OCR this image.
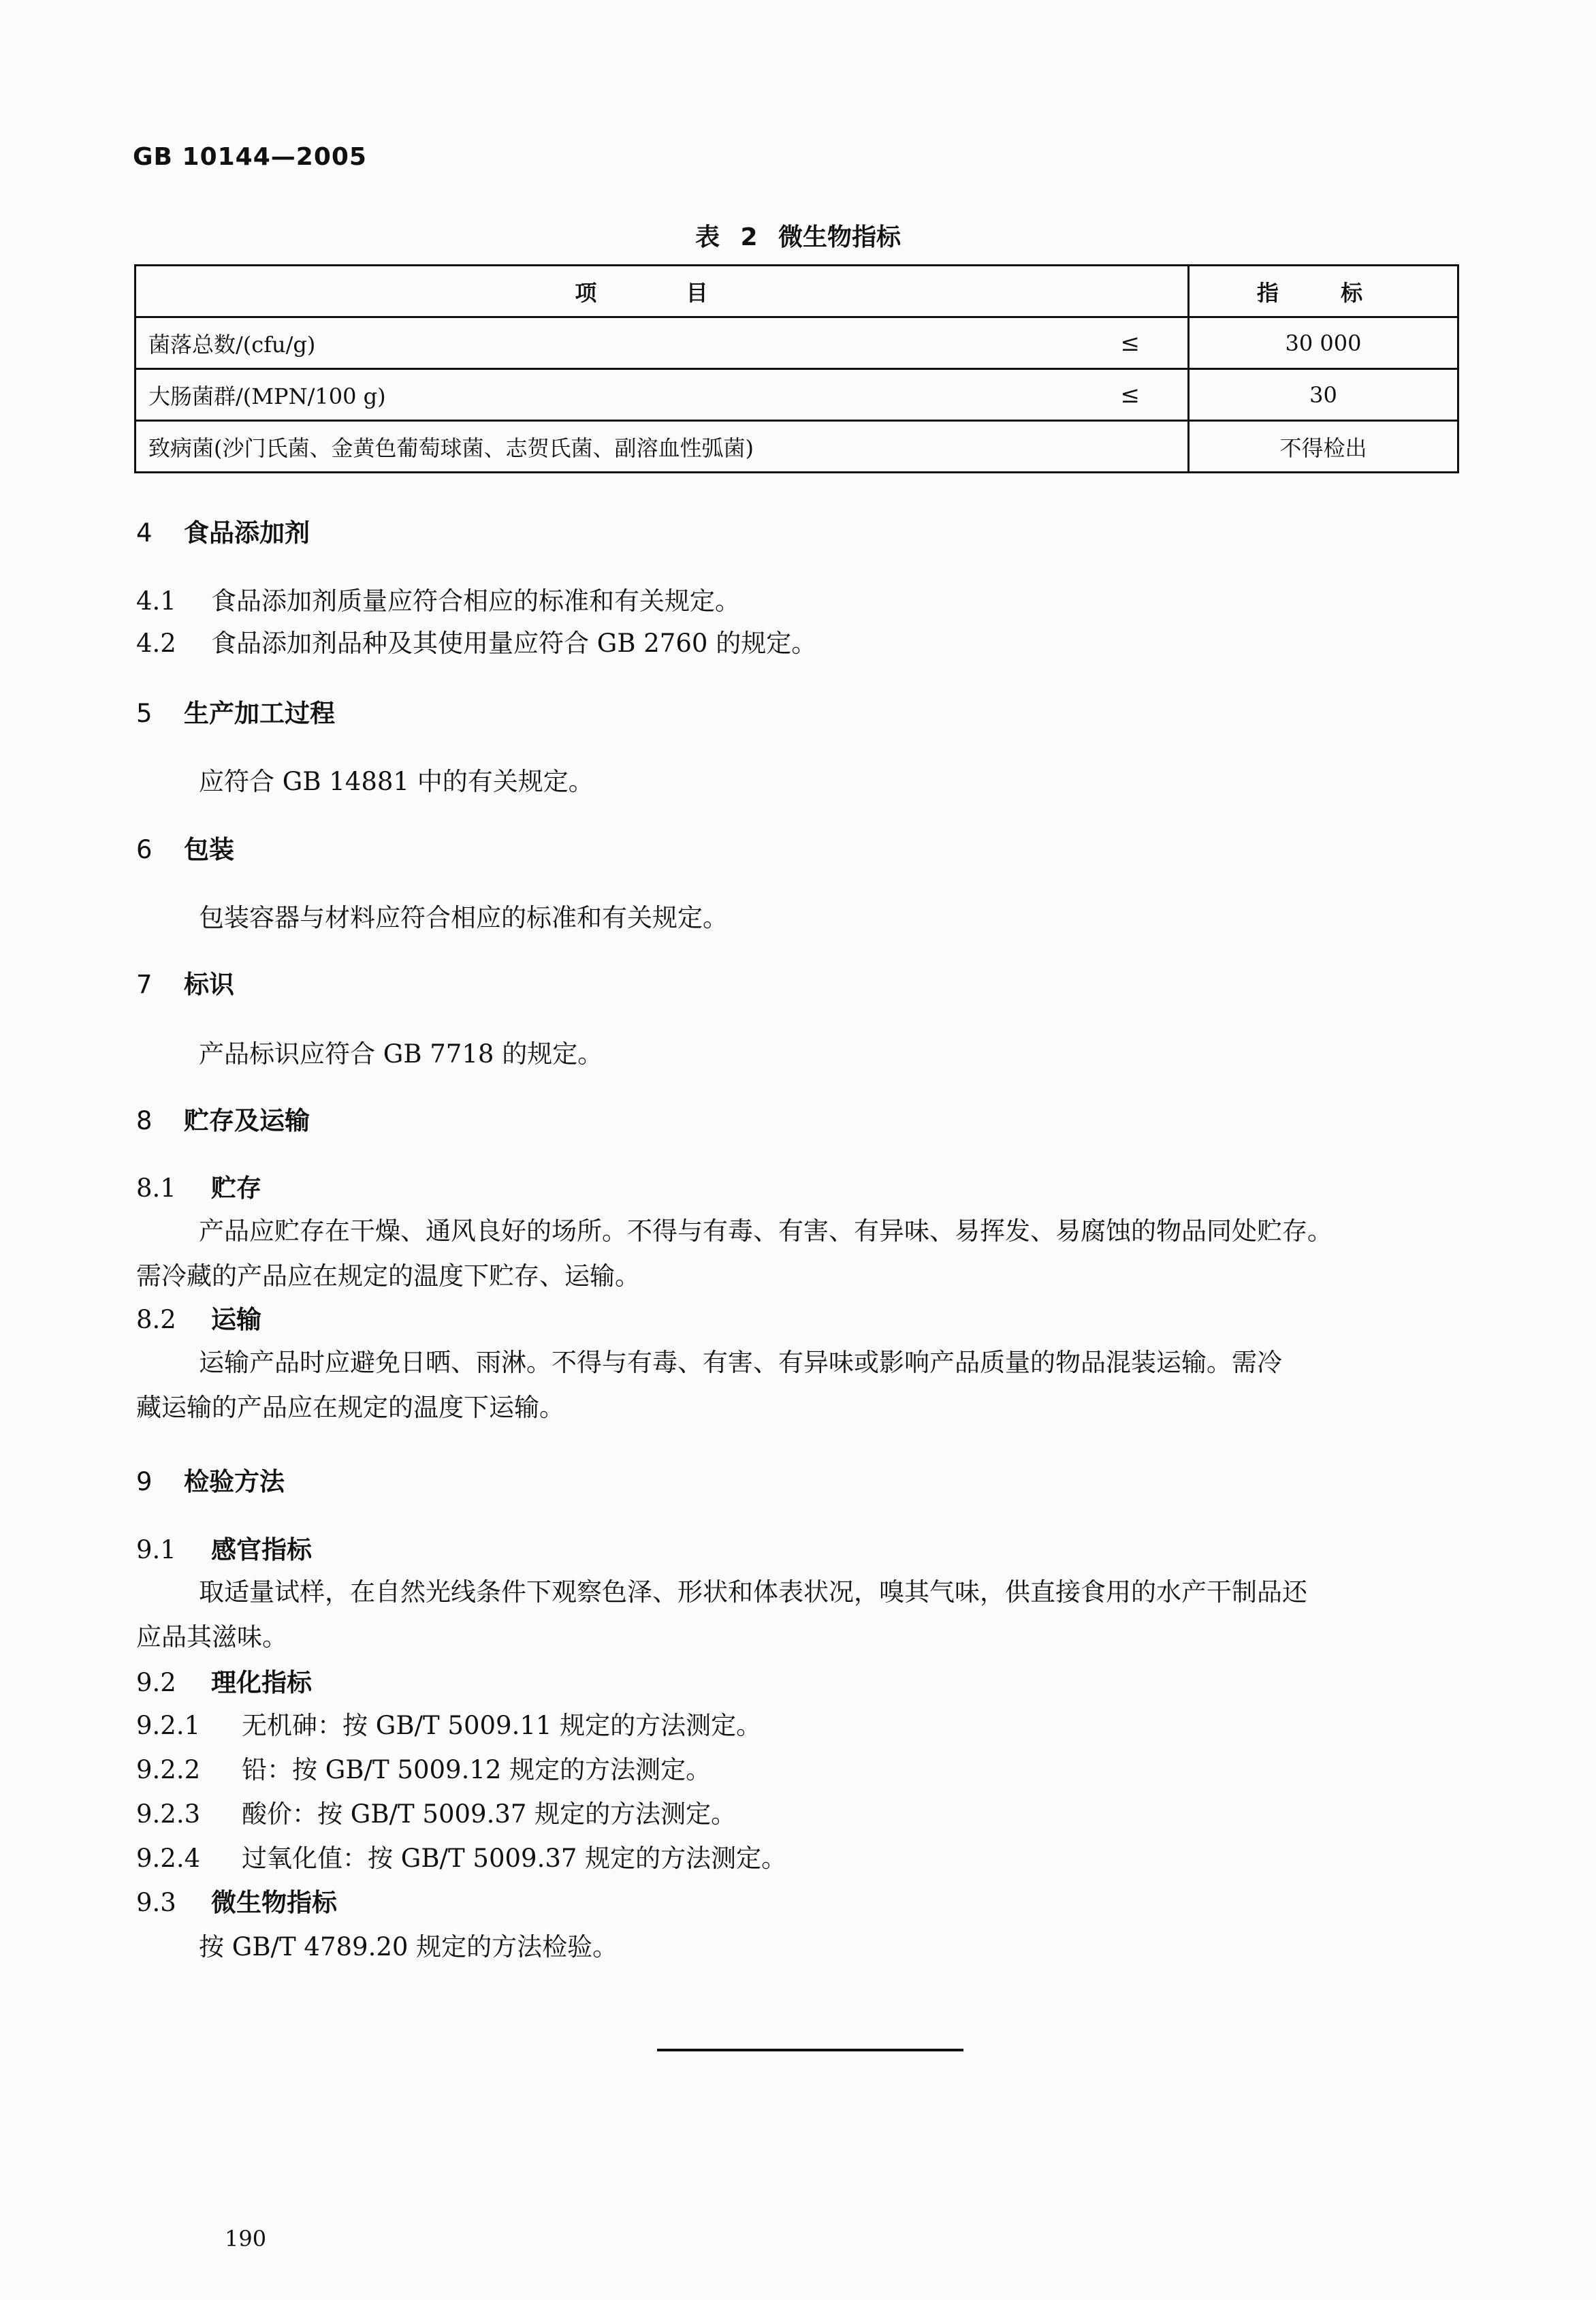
GB 10144—2005
表 2 微生物指标
项 目	指 标
菌落总数/(cfu/g) ≤	30 000
大肠菌群/(MPN/100 g) ≤	30
致病菌(沙门氏菌、金黄色葡萄球菌、志贺氏菌、副溶血性弧菌)	不得检出
4 食品添加剂
4.1 食品添加剂质量应符合相应的标准和有关规定。
4.2 食品添加剂品种及其使用量应符合 GB 2760 的规定。
5 生产加工过程
应符合 GB 14881 中的有关规定。
6 包装
包装容器与材料应符合相应的标准和有关规定。
7 标识
产品标识应符合 GB 7718 的规定。
8 贮存及运输
8.1 贮存
产品应贮存在干燥、通风良好的场所。不得与有毒、有害、有异味、易挥发、易腐蚀的物品同处贮存。
需冷藏的产品应在规定的温度下贮存、运输。
8.2 运输
运输产品时应避免日晒、雨淋。不得与有毒、有害、有异味或影响产品质量的物品混装运输。需冷
藏运输的产品应在规定的温度下运输。
9 检验方法
9.1 感官指标
取适量试样，在自然光线条件下观察色泽、形状和体表状况，嗅其气味，供直接食用的水产干制品还
应品其滋味。
9.2 理化指标
9.2.1 无机砷：按 GB/T 5009.11 规定的方法测定。
9.2.2 铅：按 GB/T 5009.12 规定的方法测定。
9.2.3 酸价：按 GB/T 5009.37 规定的方法测定。
9.2.4 过氧化值：按 GB/T 5009.37 规定的方法测定。
9.3 微生物指标
按 GB/T 4789.20 规定的方法检验。
190
